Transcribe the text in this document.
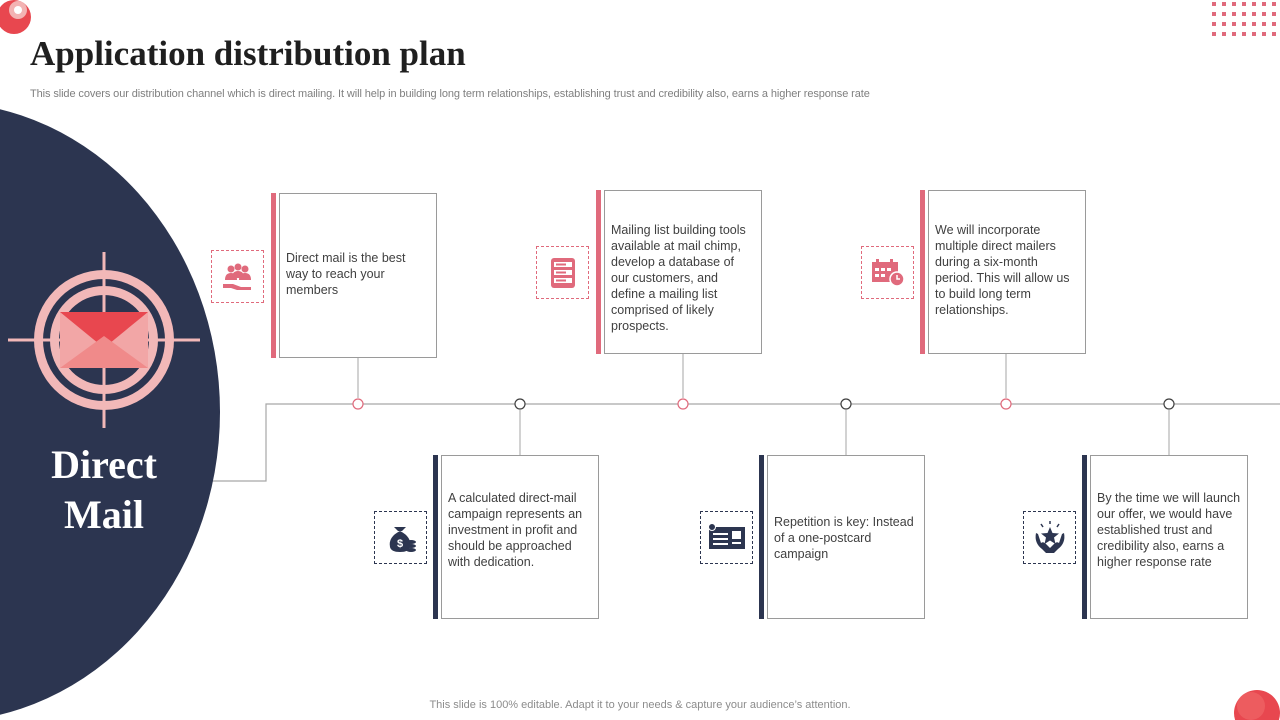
Application distribution plan
This slide covers our distribution channel which is direct mailing. It will help in building long term relationships, establishing trust and credibility also, earns a higher response rate
Direct
Mail
Direct mail is the best way to reach your members
Mailing list building tools available at mail chimp, develop a database of our customers, and define a mailing list comprised of likely prospects.
We will incorporate multiple direct mailers during a six-month period. This will allow us to build long term relationships.
$
A calculated direct-mail campaign represents an investment in profit and should be approached with dedication.
Repetition is key: Instead of a one-postcard campaign
By the time we will launch our offer, we would have established trust and credibility also, earns a higher response rate
This slide is 100% editable. Adapt it to your needs & capture your audience’s attention.
